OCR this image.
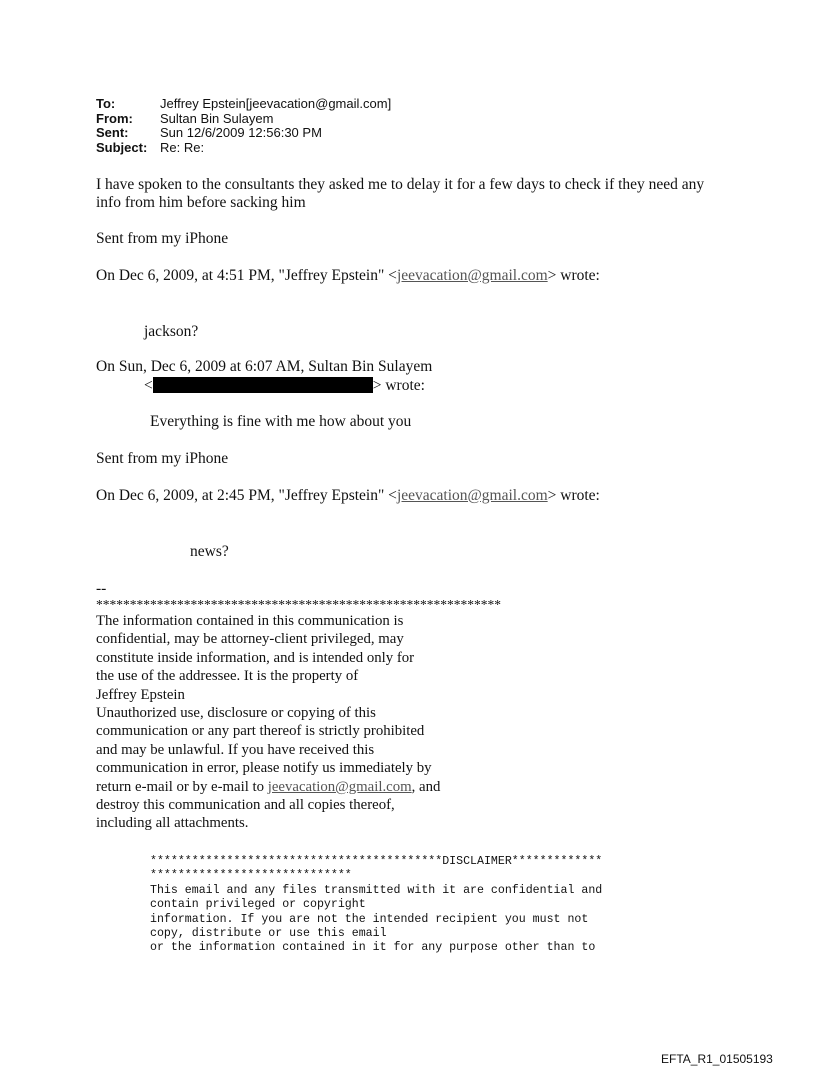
To:	Jeffrey Epstein[jeevacation@gmail.com]
From:	Sultan Bin Sulayem
Sent:	Sun 12/6/2009 12:56:30 PM
Subject: Re: Re:
I have spoken to the consultants they asked me to delay it for a few days to check if they need any
info from him before sacking him
Sent from my iPhone
On Dec 6, 2009, at 4:51 PM, "Jeffrey Epstein" <jeevacation@gmail.com> wrote:
jackson?
On Sun, Dec 6, 2009 at 6:07 AM, Sultan Bin Sulayem
<	> wrote:
Everything is fine with me how about you
Sent from my iPhone
On Dec 6, 2009, at 2:45 PM, "Jeffrey Epstein" <jeevacation@gmail.com> wrote:
news?
--
************************************************************
The information contained in this communication is
confidential, may be attorney-client privileged, may
constitute inside information, and is intended only for
the use of the addressee. It is the property of
Jeffrey Epstein
Unauthorized use, disclosure or copying of this
communication or any part thereof is strictly prohibited
and may be unlawful. If you have received this
communication in error, please notify us immediately by
return e-mail or by e-mail to jeevacation@gmail.com, and
destroy this communication and all copies thereof,
including all attachments.
******************************************DISCLAIMER*************
*****************************
This email and any files transmitted with it are confidential and
contain privileged or copyright
information. If you are not the intended recipient you must not
copy, distribute or use this email
or the information contained in it for any purpose other than to
EFTA_R1_01505193
